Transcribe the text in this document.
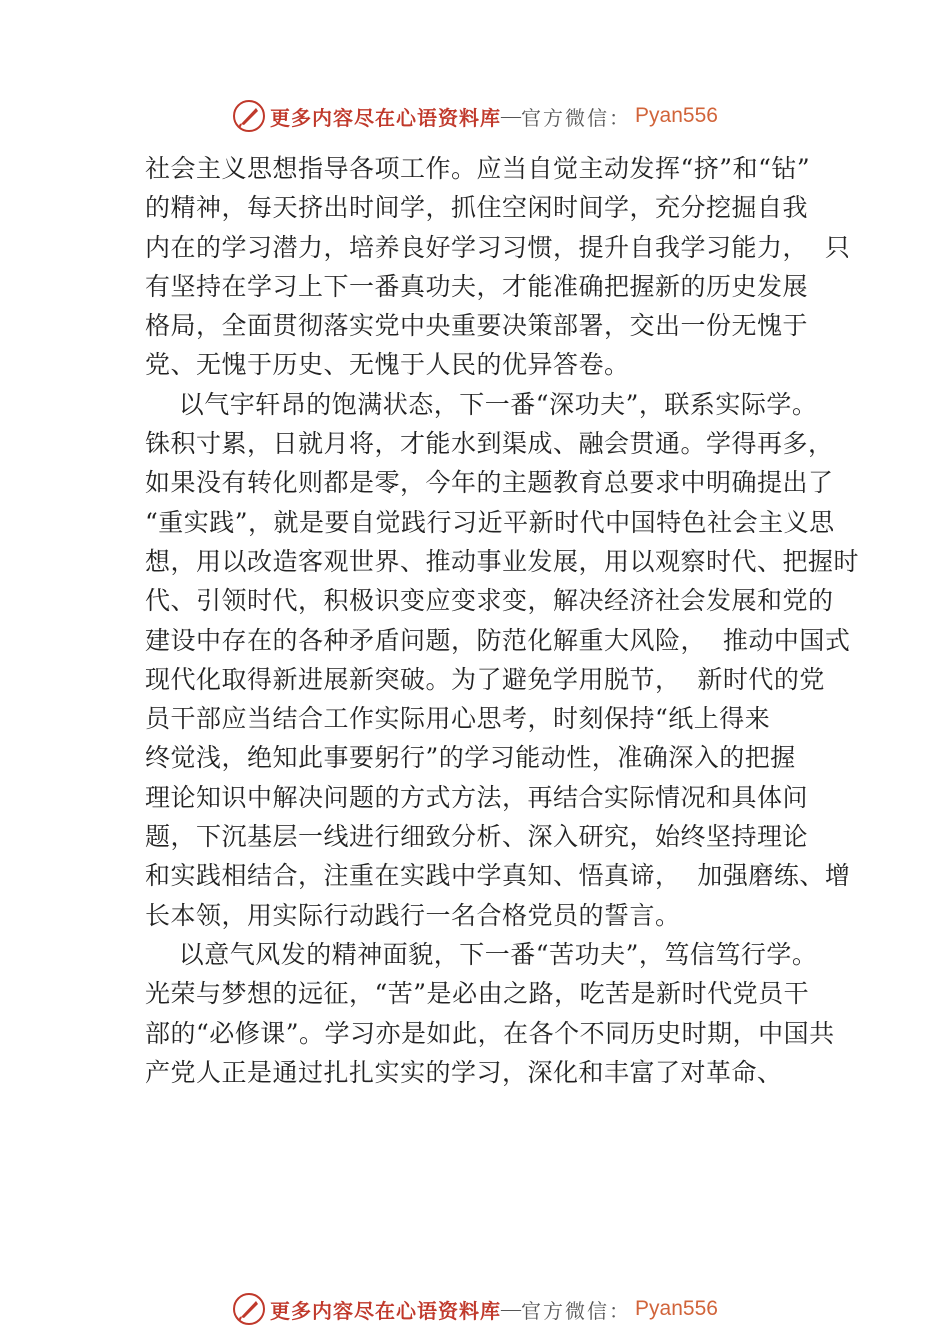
更多内容尽在心语资料库 — 官方微信： Pyan556
社会主义思想指导各项工作。应当自觉主动发挥“挤”和“钻”
的精神，每天挤出时间学，抓住空闲时间学，充分挖掘自我
内在的学习潜力，培养良好学习习惯，提升自我学习能力，  只
有坚持在学习上下一番真功夫，才能准确把握新的历史发展
格局，全面贯彻落实党中央重要决策部署，交出一份无愧于
党、无愧于历史、无愧于人民的优异答卷。
以气宇轩昂的饱满状态，下一番“深功夫”，联系实际学。
铢积寸累，日就月将，才能水到渠成、融会贯通。学得再多，
如果没有转化则都是零，今年的主题教育总要求中明确提出了
“重实践”，就是要自觉践行习近平新时代中国特色社会主义思
想，用以改造客观世界、推动事业发展，用以观察时代、把握时
代、引领时代，积极识变应变求变，解决经济社会发展和党的
建设中存在的各种矛盾问题，防范化解重大风险，  推动中国式
现代化取得新进展新突破。为了避免学用脱节，  新时代的党
员干部应当结合工作实际用心思考，时刻保持“纸上得来
终觉浅，绝知此事要躬行”的学习能动性，准确深入的把握
理论知识中解决问题的方式方法，再结合实际情况和具体问
题，下沉基层一线进行细致分析、深入研究，始终坚持理论
和实践相结合，注重在实践中学真知、悟真谛，  加强磨练、增
长本领，用实际行动践行一名合格党员的誓言。
以意气风发的精神面貌，下一番“苦功夫”，笃信笃行学。
光荣与梦想的远征，“苦”是必由之路，吃苦是新时代党员干
部的“必修课”。学习亦是如此，在各个不同历史时期，中国共
产党人正是通过扎扎实实的学习，深化和丰富了对革命、
更多内容尽在心语资料库 — 官方微信： Pyan556
